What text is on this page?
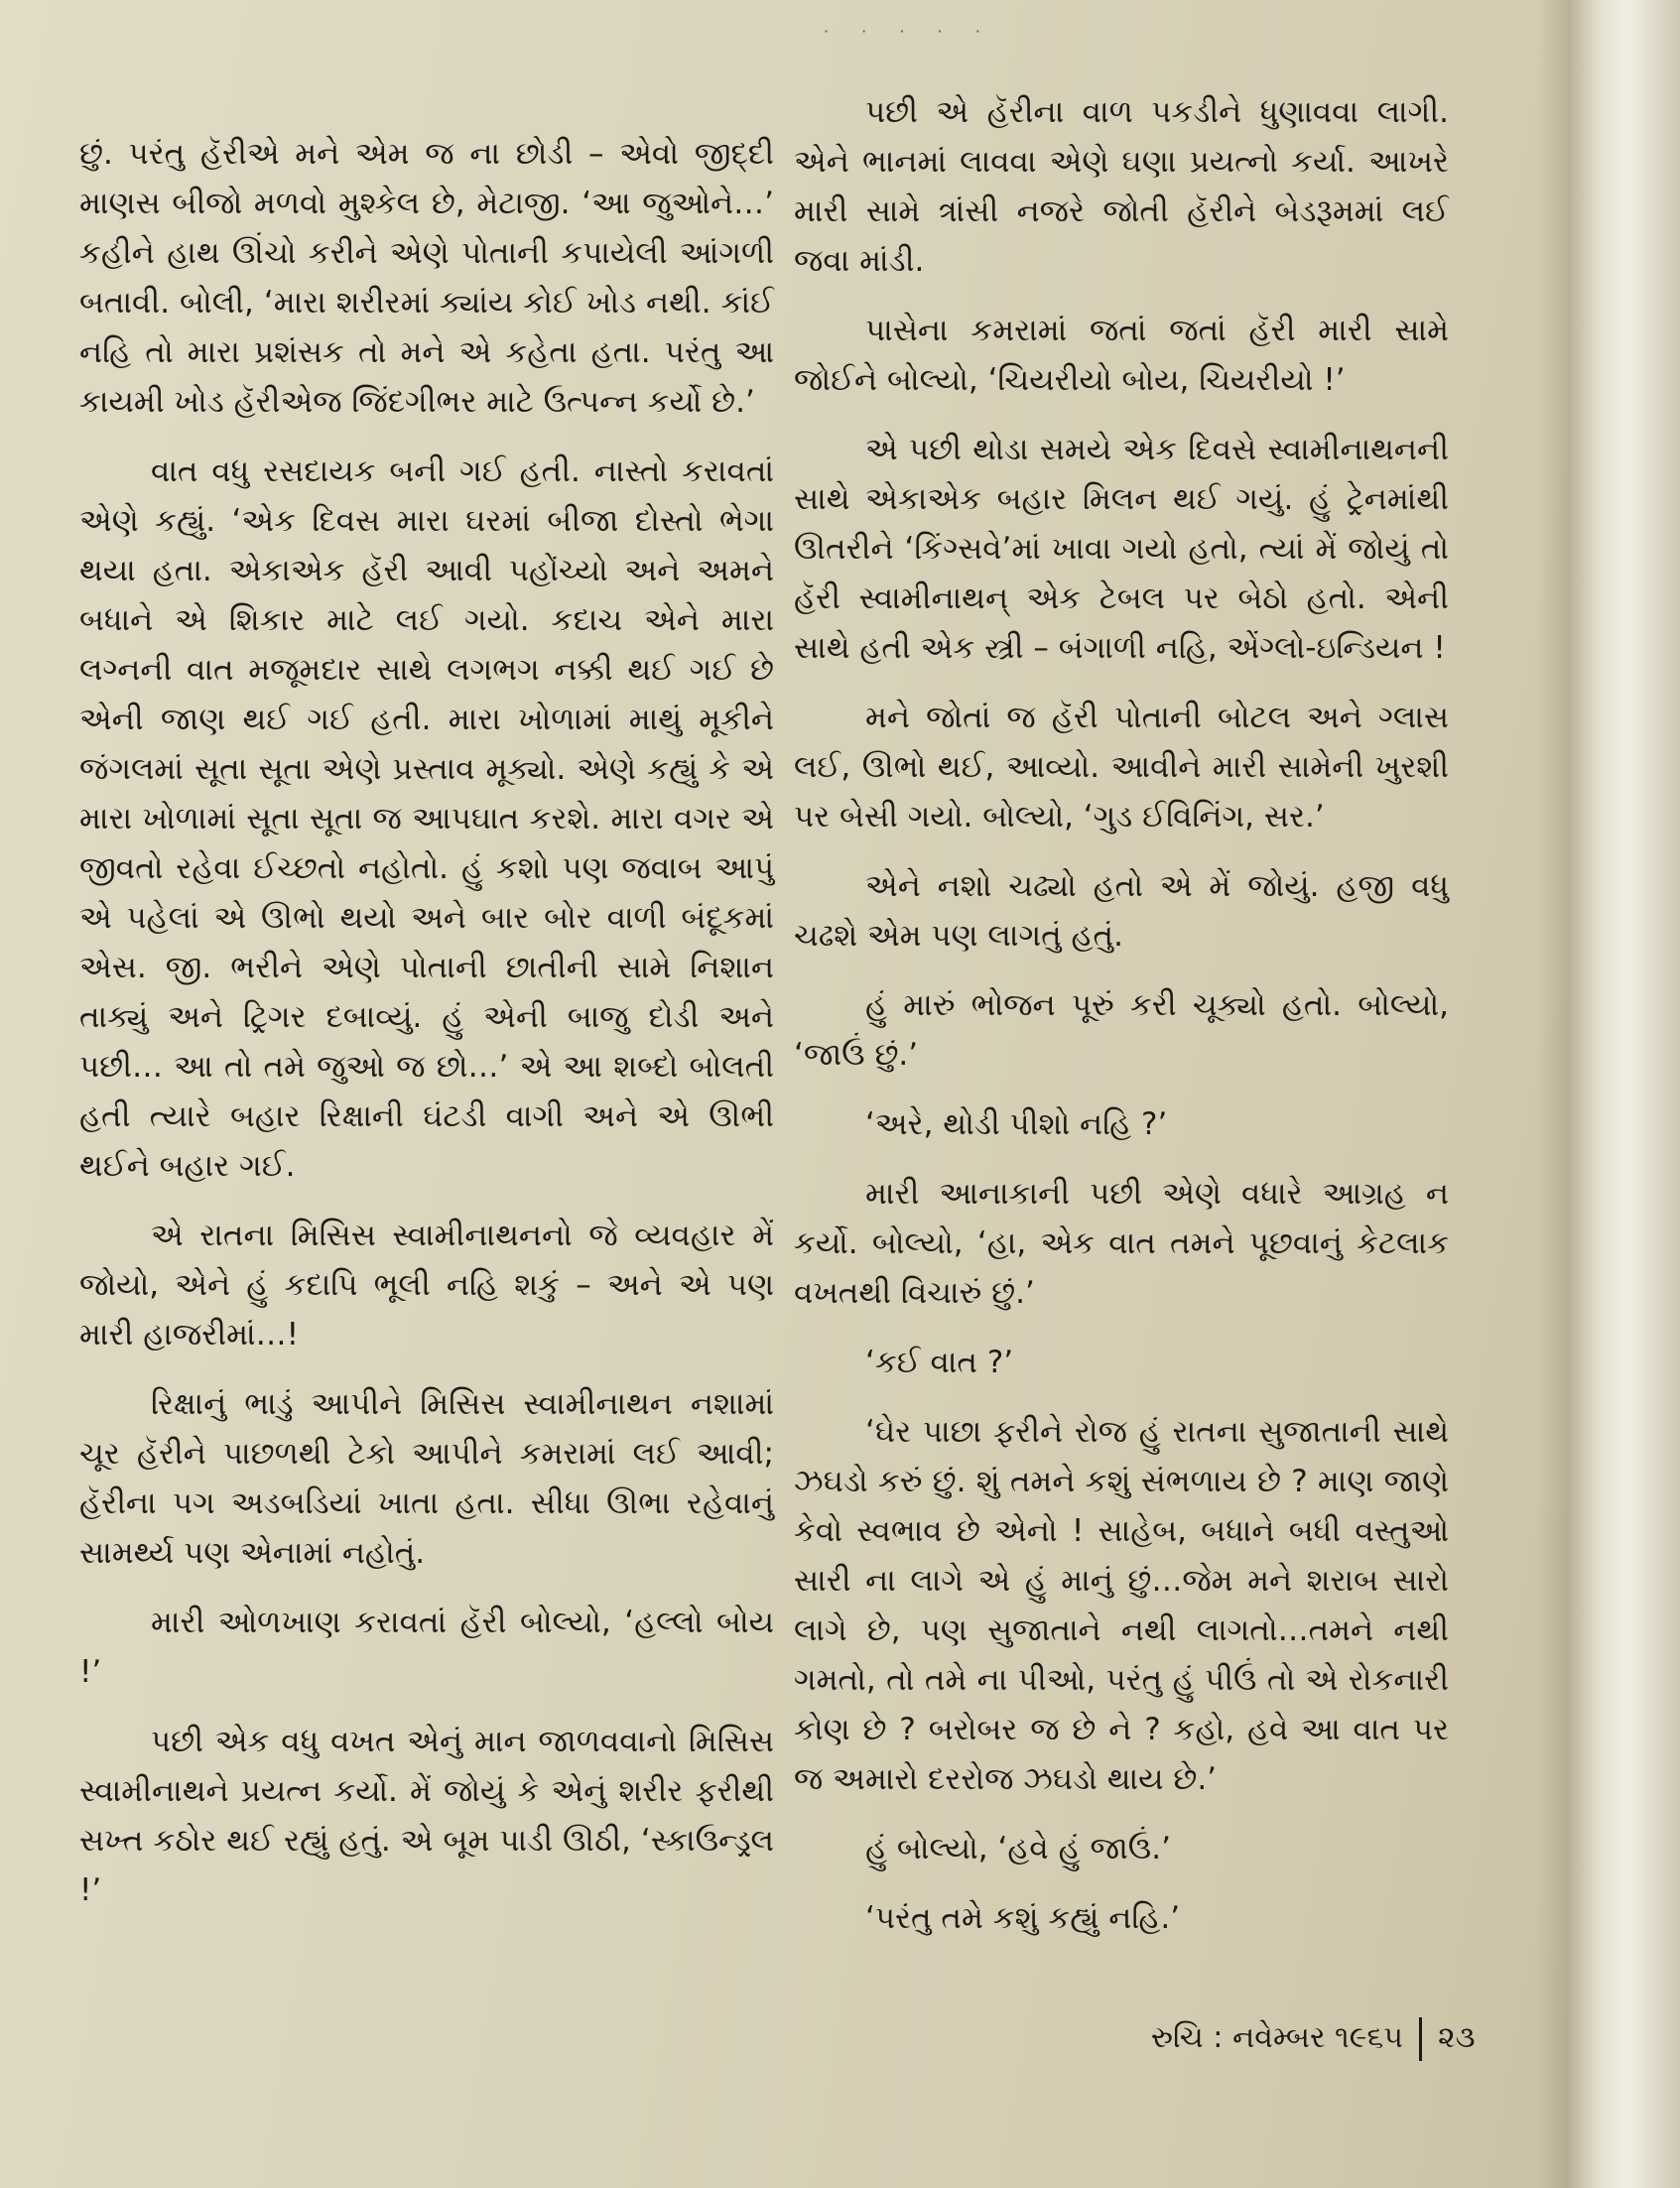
· · · · ·

છું. પરંતુ હૅરીએ મને એમ જ ના છોડી – એવો જીદ્દી માણસ બીજો મળવો મુશ્કેલ છે, મેટાજી. ‘આ જુઓને…’ કહીને હાથ ઊંચો કરીને એણે પોતાની કપાયેલી આંગળી બતાવી. બોલી, ‘મારા શરીરમાં ક્યાંય કોઈ ખોડ નથી. કાંઈ નહિ તો મારા પ્રશંસક તો મને એ કહેતા હતા. પરંતુ આ કાયમી ખોડ હૅરીએજ જિંદગીભર માટે ઉત્પન્ન કર્યો છે.’

વાત વધુ રસદાયક બની ગઈ હતી. નાસ્તો કરાવતાં એણે કહ્યું. ‘એક દિવસ મારા ઘરમાં બીજા દોસ્તો ભેગા થયા હતા. એકાએક હૅરી આવી પહોંચ્યો અને અમને બધાને એ શિકાર માટે લઈ ગયો. કદાચ એને મારા લગ્નની વાત મજૂમદાર સાથે લગભગ નક્કી થઈ ગઈ છે એની જાણ થઈ ગઈ હતી. મારા ખોળામાં માથું મૂકીને જંગલમાં સૂતા સૂતા એણે પ્રસ્તાવ મૂક્યો. એણે કહ્યું કે એ મારા ખોળામાં સૂતા સૂતા જ આપઘાત કરશે. મારા વગર એ જીવતો રહેવા ઈચ્છતો નહોતો. હું કશો પણ જવાબ આપું એ પહેલાં એ ઊભો થયો અને બાર બોર વાળી બંદૂકમાં એસ. જી. ભરીને એણે પોતાની છાતીની સામે નિશાન તાક્યું અને ટ્રિગર દબાવ્યું. હું એની બાજુ દોડી અને પછી… આ તો તમે જુઓ જ છો…’ એ આ શબ્દો બોલતી હતી ત્યારે બહાર રિક્ષાની ઘંટડી વાગી અને એ ઊભી થઈને બહાર ગઈ.

એ રાતના મિસિસ સ્વામીનાથનનો જે વ્યવહાર મેં જોયો, એને હું કદાપિ ભૂલી નહિ શકું – અને એ પણ મારી હાજરીમાં…!

રિક્ષાનું ભાડું આપીને મિસિસ સ્વામીનાથન નશામાં ચૂર હૅરીને પાછળથી ટેકો આપીને કમરામાં લઈ આવી; હૅરીના પગ અડબડિયાં ખાતા હતા. સીધા ઊભા રહેવાનું સામર્થ્ય પણ એનામાં નહોતું.

મારી ઓળખાણ કરાવતાં હૅરી બોલ્યો, ‘હલ્લો બોય !’

પછી એક વધુ વખત એનું માન જાળવવાનો મિસિસ સ્વામીનાથને પ્રયત્ન કર્યો. મેં જોયું કે એનું શરીર ફરીથી સખ્ત કઠોર થઈ રહ્યું હતું. એ બૂમ પાડી ઊઠી, ‘સ્કાઉન્ડ્રલ !’

પછી એ હૅરીના વાળ પકડીને ધુણાવવા લાગી. એને ભાનમાં લાવવા એણે ઘણા પ્રયત્નો કર્યા. આખરે મારી સામે ત્રાંસી નજરે જોતી હૅરીને બેડરૂમમાં લઈ જવા માંડી.

પાસેના કમરામાં જતાં જતાં હૅરી મારી સામે જોઈને બોલ્યો, ‘ચિયરીયો બોય, ચિયરીયો !’

એ પછી થોડા સમયે એક દિવસે સ્વામીનાથનની સાથે એકાએક બહાર મિલન થઈ ગયું. હું ટ્રેનમાંથી ઊતરીને ‘કિંગ્સવે’માં ખાવા ગયો હતો, ત્યાં મેં જોયું તો હૅરી સ્વામીનાથન્ એક ટેબલ પર બેઠો હતો. એની સાથે હતી એક સ્ત્રી – બંગાળી નહિ, એંગ્લો-ઇન્ડિયન !

મને જોતાં જ હૅરી પોતાની બોટલ અને ગ્લાસ લઈ, ઊભો થઈ, આવ્યો. આવીને મારી સામેની ખુરશી પર બેસી ગયો. બોલ્યો, ‘ગુડ ઈવિનિંગ, સર.’

એને નશો ચઢ્યો હતો એ મેં જોયું. હજી વધુ ચઢશે એમ પણ લાગતું હતું.

હું મારું ભોજન પૂરું કરી ચૂક્યો હતો. બોલ્યો, ‘જાઉં છું.’

‘અરે, થોડી પીશો નહિ ?’

મારી આનાકાની પછી એણે વધારે આગ્રહ ન કર્યો. બોલ્યો, ‘હા, એક વાત તમને પૂછવાનું કેટલાક વખતથી વિચારું છું.’

‘કઈ વાત ?’

‘ઘેર પાછા ફરીને રોજ હું રાતના સુજાતાની સાથે ઝઘડો કરું છું. શું તમને કશું સંભળાય છે ? માણ જાણે કેવો સ્વભાવ છે એનો ! સાહેબ, બધાને બધી વસ્તુઓ સારી ના લાગે એ હું માનું છું…જેમ મને શરાબ સારો લાગે છે, પણ સુજાતાને નથી લાગતો…તમને નથી ગમતો, તો તમે ના પીઓ, પરંતુ હું પીઉં તો એ રોકનારી કોણ છે ? બરોબર જ છે ને ? કહો, હવે આ વાત પર જ અમારો દરરોજ ઝઘડો થાય છે.’

હું બોલ્યો, ‘હવે હું જાઉં.’

‘પરંતુ તમે કશું કહ્યું નહિ.’

રુચિ : નવેમ્બર ૧૯૬૫ ૨૩
